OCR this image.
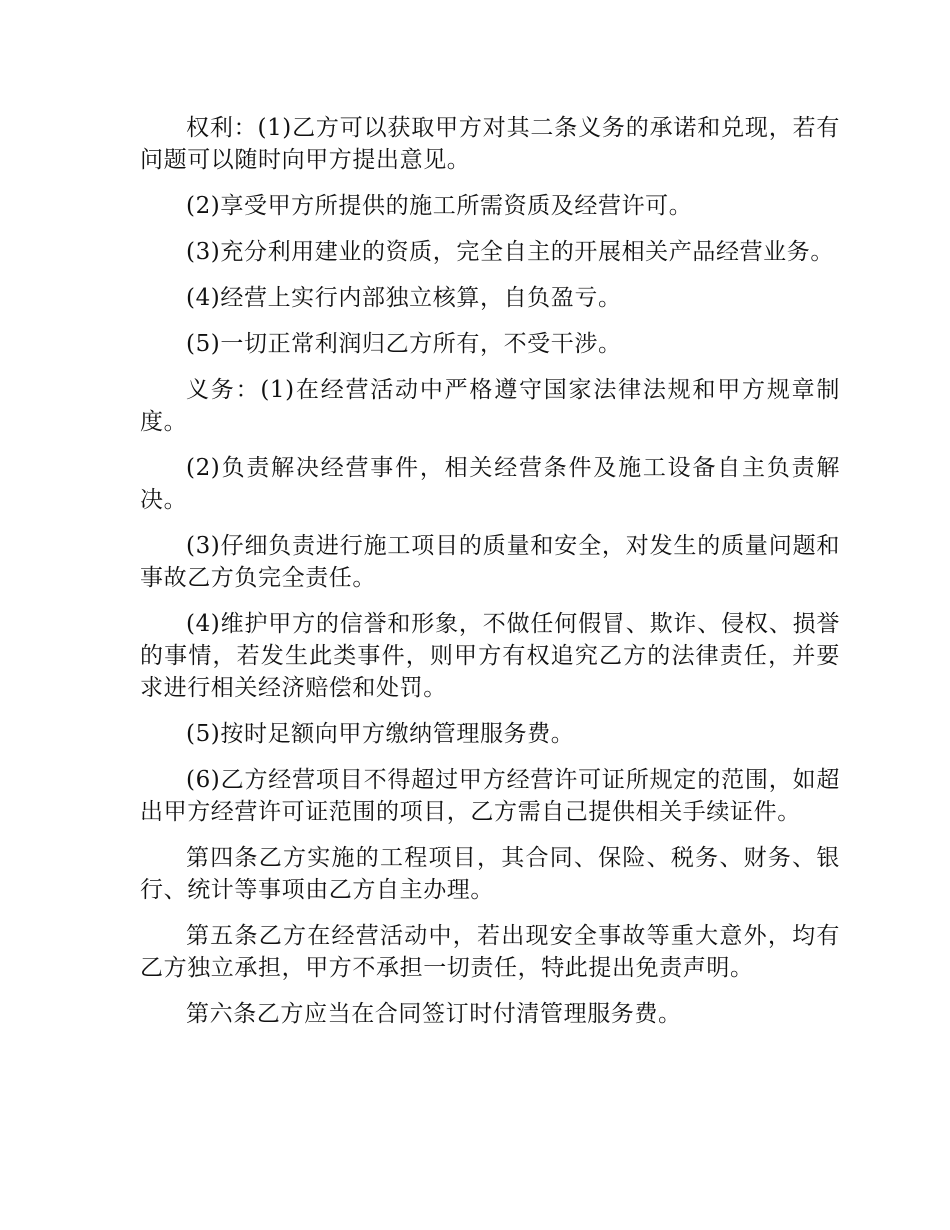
权利：(1)乙方可以获取甲方对其二条义务的承诺和兑现，若有问题可以随时向甲方提出意见。

(2)享受甲方所提供的施工所需资质及经营许可。

(3)充分利用建业的资质，完全自主的开展相关产品经营业务。

(4)经营上实行内部独立核算，自负盈亏。

(5)一切正常利润归乙方所有，不受干涉。

义务：(1)在经营活动中严格遵守国家法律法规和甲方规章制度。

(2)负责解决经营事件，相关经营条件及施工设备自主负责解决。

(3)仔细负责进行施工项目的质量和安全，对发生的质量问题和事故乙方负完全责任。

(4)维护甲方的信誉和形象，不做任何假冒、欺诈、侵权、损誉的事情，若发生此类事件，则甲方有权追究乙方的法律责任，并要求进行相关经济赔偿和处罚。

(5)按时足额向甲方缴纳管理服务费。

(6)乙方经营项目不得超过甲方经营许可证所规定的范围，如超出甲方经营许可证范围的项目，乙方需自己提供相关手续证件。

第四条乙方实施的工程项目，其合同、保险、税务、财务、银行、统计等事项由乙方自主办理。

第五条乙方在经营活动中，若出现安全事故等重大意外，均有乙方独立承担，甲方不承担一切责任，特此提出免责声明。

第六条乙方应当在合同签订时付清管理服务费。
